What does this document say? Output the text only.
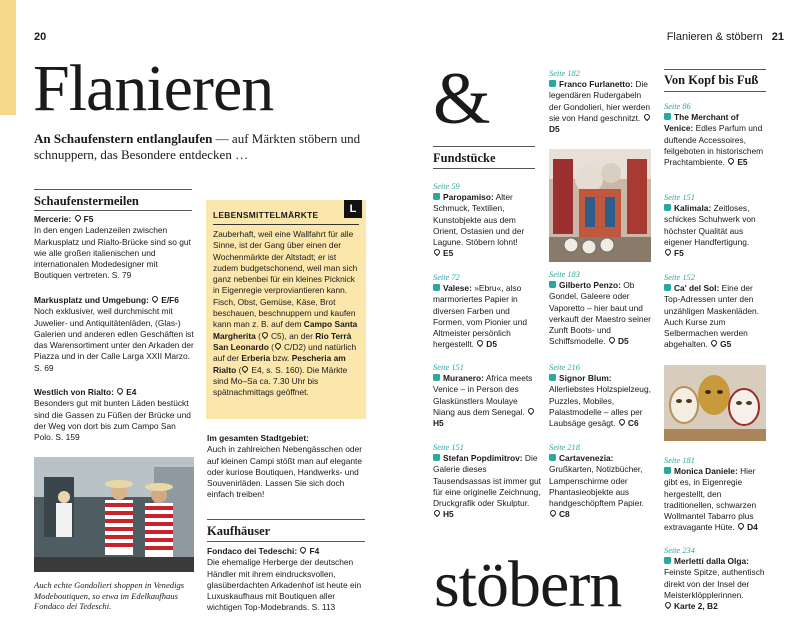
20	Flanieren & stöbern 21
Flanieren &
stöbern
An Schaufenstern entlanglaufen — auf Märkten stöbern und schnuppern, das Besondere entdecken …
Schaufenstermeilen
Mercerie: F5
In den engen Ladenzeilen zwischen Markusplatz und Rialto-Brücke sind so gut wie alle großen italienischen und internationalen Modedesigner mit Boutiquen vertreten. S. 79
Markusplatz und Umgebung: E/F6
Noch exklusiver, weil durchmischt mit Juwelier- und Antiquitätenläden, (Glas-) Galerien und anderen edlen Geschäften ist das Warensortiment unter den Arkaden der Piazza und in der Calle Larga XXII Marzo. S. 69
Westlich von Rialto: E4
Besonders gut mit bunten Läden bestückt sind die Gassen zu Füßen der Brücke und der Weg von dort bis zum Campo San Polo. S. 159
Auch echte Gondolieri shoppen in Venedigs Modeboutiquen, so etwa im Edelkaufhaus Fondaco dei Tedeschi.
LEBENSMITTELMÄRKTE	L
Zauberhaft, weil eine Wallfahrt für alle Sinne, ist der Gang über einen der Wochenmärkte der Altstadt; er ist zudem budgetschonend, weil man sich ganz nebenbei für ein kleines Picknick in Eigenregie verproviantieren kann. Fisch, Obst, Gemüse, Käse, Brot beschauen, beschnuppern und kaufen kann man z. B. auf dem Campo Santa Margherita ( C5), an der Rio Terrà San Leonardo ( C/D2) und natürlich auf der Erberia bzw. Pescheria am Rialto ( E4, s. S. 160). Die Märkte sind Mo–Sa ca. 7.30 Uhr bis spätnachmittags geöffnet.
Im gesamten Stadtgebiet:
Auch in zahlreichen Nebengässchen oder auf kleinen Campi stößt man auf elegante oder kuriose Boutiquen, Handwerks- und Souvenirläden. Lassen Sie sich doch einfach treiben!
Kaufhäuser
Fondaco dei Tedeschi: F4
Die ehemalige Herberge der deutschen Händler mit ihrem eindrucksvollen, glasüberdachten Arkadenhof ist heute ein Luxuskaufhaus mit Boutiquen aller wichtigen Top-Modebrands. S. 113
Fundstücke
Seite 59
Paropamiso: Alter Schmuck, Textilien, Kunstobjekte aus dem Orient, Ostasien und der Lagune. Stöbern lohnt!
E5
Seite 72
Valese: »Ebru«, also marmoriertes Papier in diversen Farben und Formen, vom Pionier und Altmeister persönlich hergestellt. D5
Seite 151
Muranero: Africa meets Venice – in Person des Glaskünstlers Moulaye Niang aus dem Senegal. H5
Seite 151
Stefan Popdimitrov: Die Galerie dieses Tausendsassas ist immer gut für eine originelle Zeichnung, Druckgrafik oder Skulptur. H5
Seite 182
Franco Furlanetto: Die legendären Rudergabeln der Gondolieri, hier werden sie von Hand geschnitzt. D5
Seite 183
Gilberto Penzo: Ob Gondel, Galeere oder Vaporetto – hier baut und verkauft der Maestro seiner Zunft Boots- und Schiffsmodelle. D5
Seite 216
Signor Blum: Allerliebstes Holzspielzeug, Puzzles, Mobiles, Palastmodelle – alles per Laubsäge gesägt. C6
Seite 218
Cartavenezia: Grußkarten, Notizbücher, Lampenschirme oder Phantasieobjekte aus handgeschöpftem Papier. C8
Von Kopf bis Fuß
Seite 86
The Merchant of Venice: Edles Parfum und duftende Accessoires, feilgeboten in historischem Prachtambiente. E5
Seite 151
Kalimala: Zeitloses, schickes Schuhwerk von höchster Qualität aus eigener Handfertigung.
F5
Seite 152
Ca' del Sol: Eine der Top-Adressen unter den unzähligen Maskenläden. Auch Kurse zum Selbermachen werden abgehalten. G5
Seite 181
Monica Daniele: Hier gibt es, in Eigenregie hergestellt, den traditionellen, schwarzen Wollmantel Tabarro plus extravagante Hüte. D4
Seite 234
Merletti dalla Olga: Feinste Spitze, authentisch direkt von der Insel der Meisterklöpplerinnen.
Karte 2, B2
